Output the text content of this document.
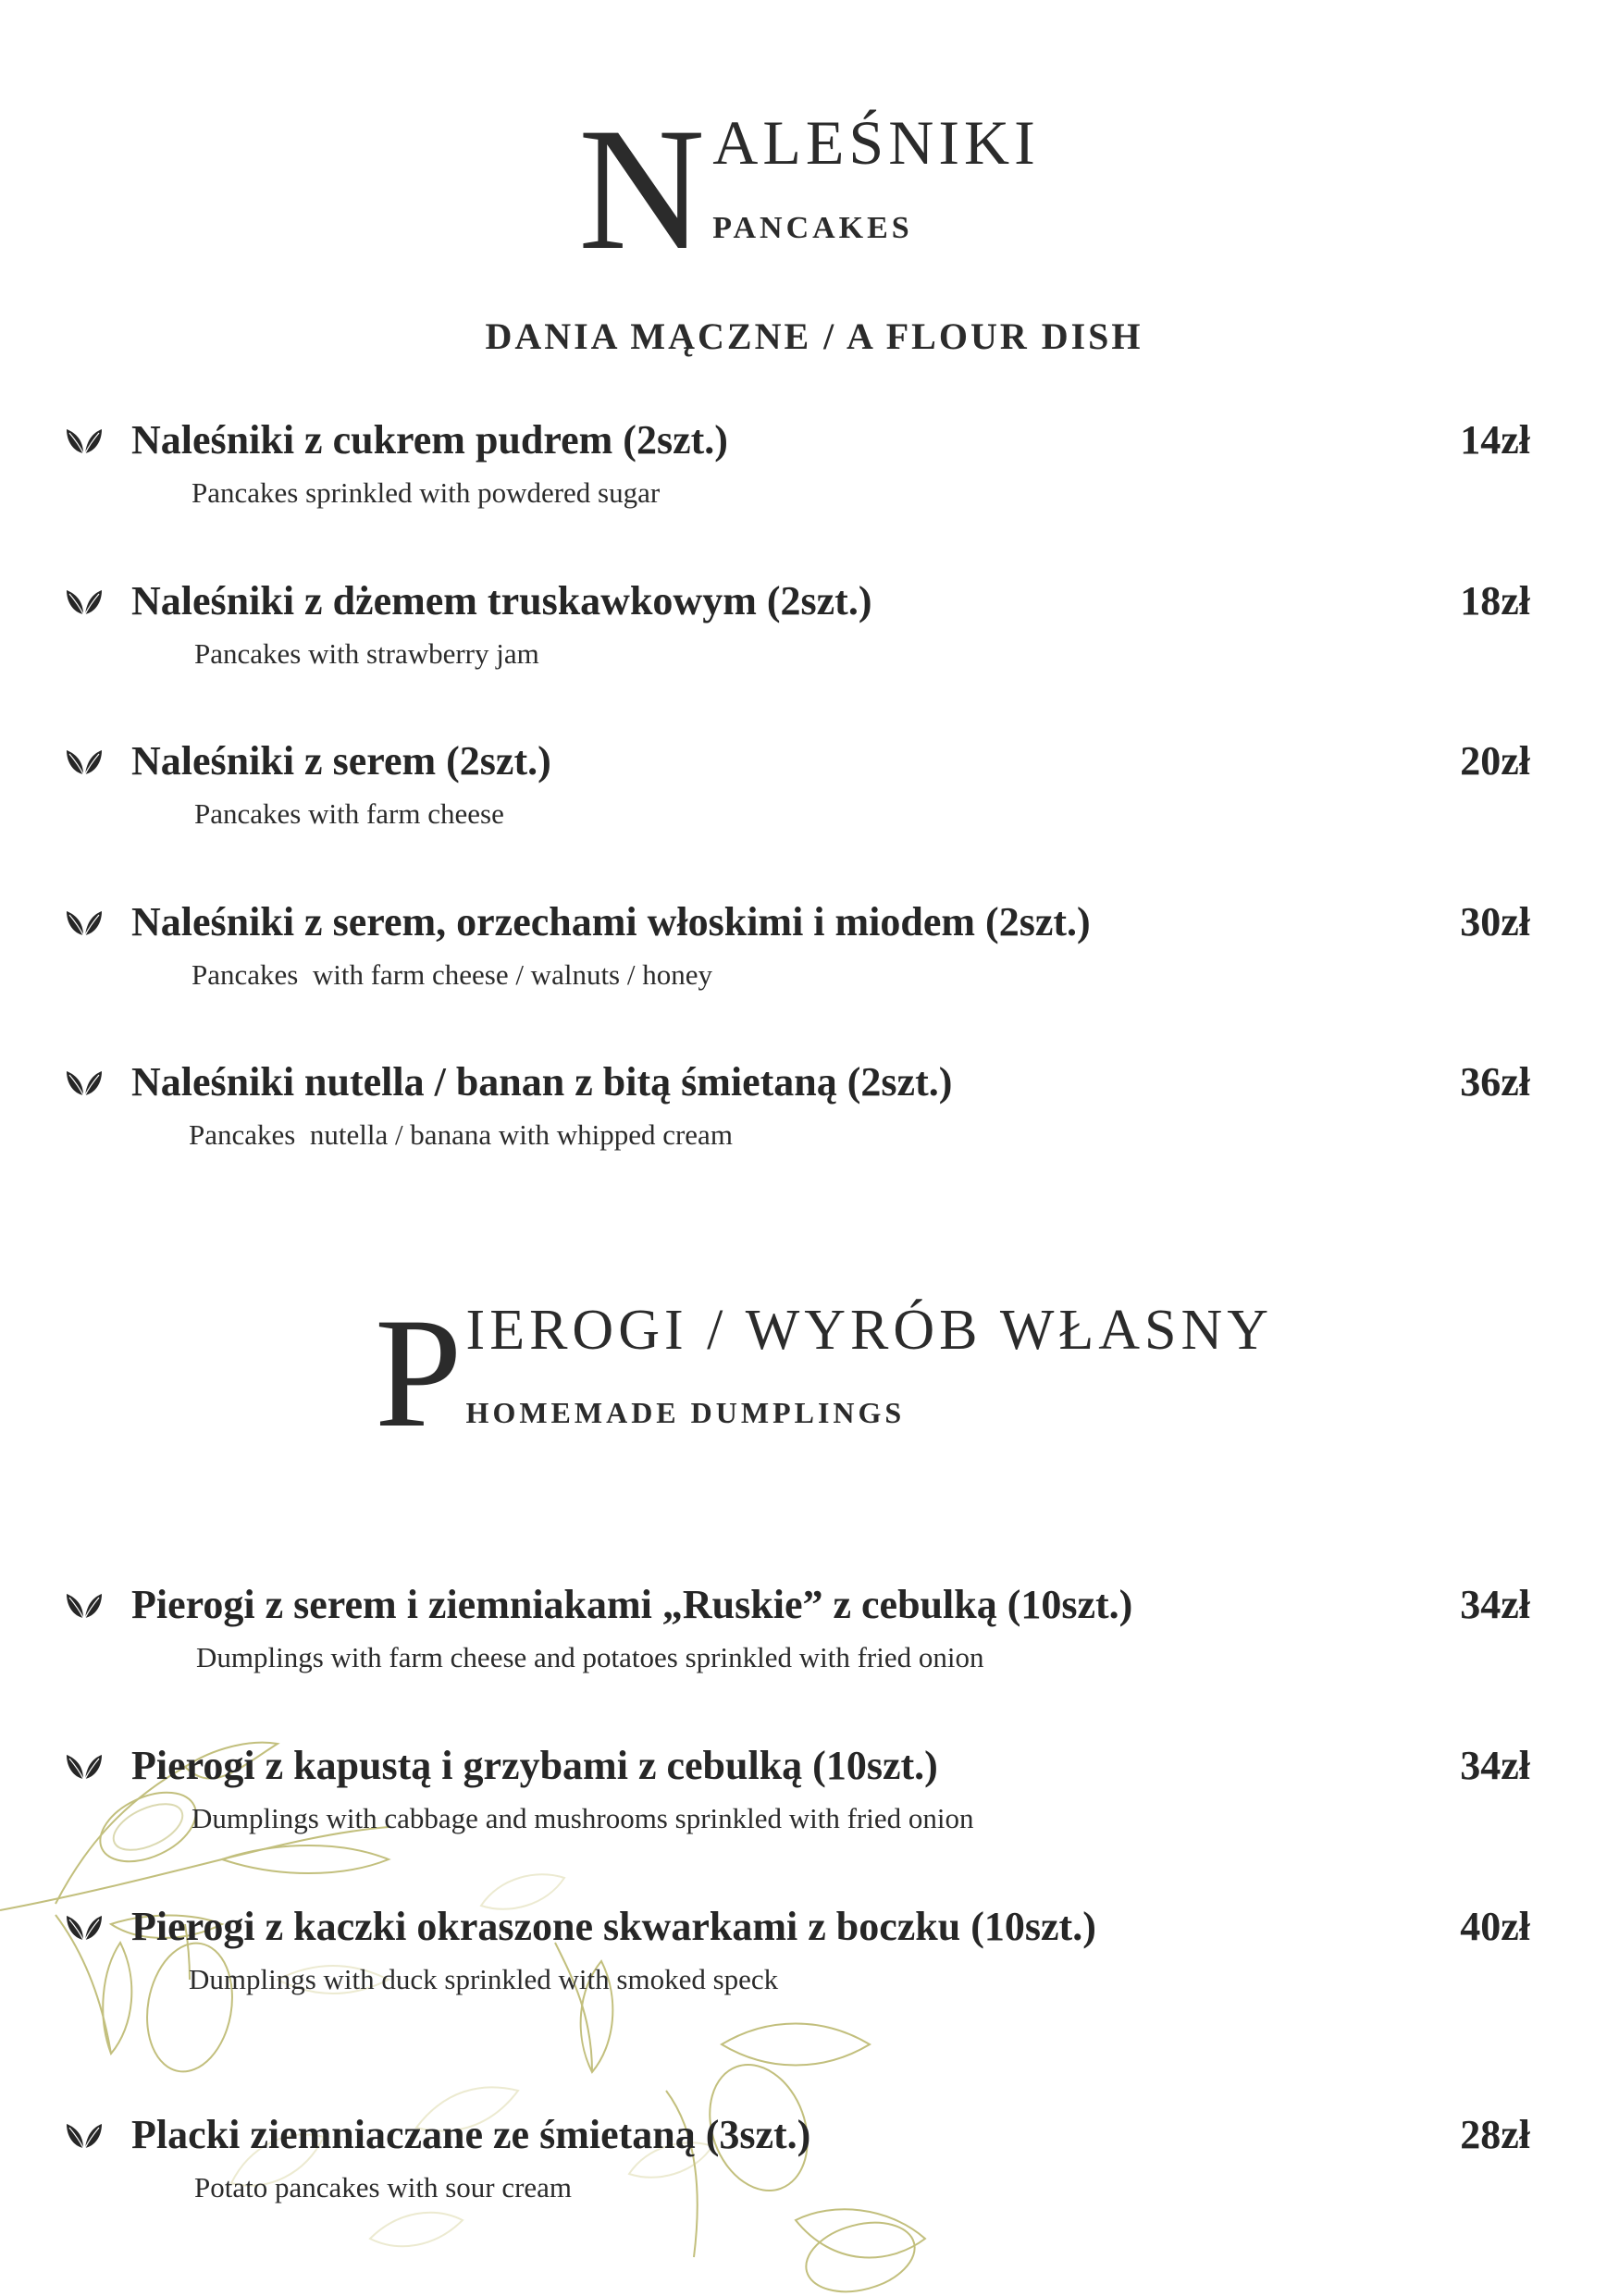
N ALEŚNIKI
PANCAKES
DANIA MĄCZNE / A FLOUR DISH
Naleśniki z cukrem pudrem (2szt.)
Pancakes sprinkled with powdered sugar
14zł
Naleśniki z dżemem truskawkowym (2szt.)
Pancakes with strawberry jam
18zł
Naleśniki z serem (2szt.)
Pancakes with farm cheese
20zł
Naleśniki z serem, orzechami włoskimi i miodem (2szt.)
Pancakes  with farm cheese / walnuts / honey
30zł
Naleśniki nutella / banan z bitą śmietaną (2szt.)
Pancakes  nutella / banana with whipped cream
36zł
P IEROGI / WYRÓB WŁASNY
HOMEMADE DUMPLINGS
Pierogi z serem i ziemniakami „Ruskie” z cebulką (10szt.)
Dumplings with farm cheese and potatoes sprinkled with fried onion
34zł
Pierogi z kapustą i grzybami z cebulką (10szt.)
Dumplings with cabbage and mushrooms sprinkled with fried onion
34zł
Pierogi z kaczki okraszone skwarkami z boczku (10szt.)
Dumplings with duck sprinkled with smoked speck
40zł
Placki ziemniaczane ze śmietaną (3szt.)
Potato pancakes with sour cream
28zł
